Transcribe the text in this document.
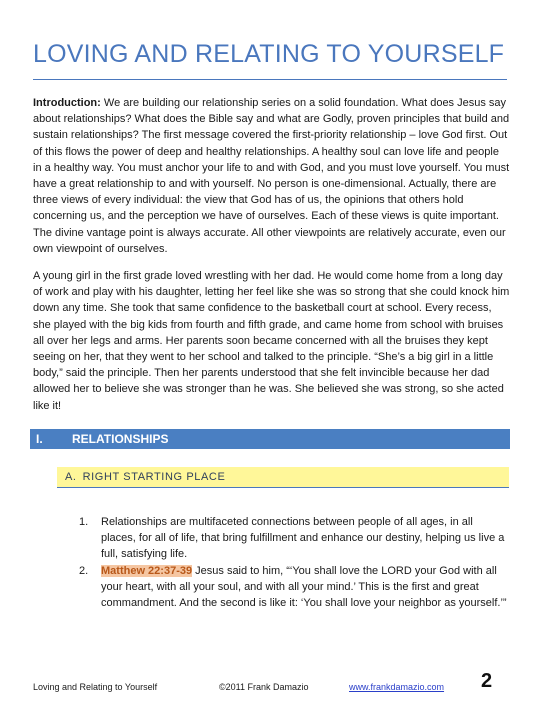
LOVING AND RELATING TO YOURSELF

Introduction: We are building our relationship series on a solid foundation. What does Jesus say about relationships? What does the Bible say and what are Godly, proven principles that build and sustain relationships? The first message covered the first-priority relationship – love God first. Out of this flows the power of deep and healthy relationships. A healthy soul can love life and people in a healthy way. You must anchor your life to and with God, and you must love yourself. You must have a great relationship to and with yourself. No person is one-dimensional. Actually, there are three views of every individual: the view that God has of us, the opinions that others hold concerning us, and the perception we have of ourselves. Each of these views is quite important. The divine vantage point is always accurate. All other viewpoints are relatively accurate, even our own viewpoint of ourselves.

A young girl in the first grade loved wrestling with her dad. He would come home from a long day of work and play with his daughter, letting her feel like she was so strong that she could knock him down any time. She took that same confidence to the basketball court at school. Every recess, she played with the big kids from fourth and fifth grade, and came home from school with bruises all over her legs and arms. Her parents soon became concerned with all the bruises they kept seeing on her, that they went to her school and talked to the principle. “She’s a big girl in a little body,” said the principle. Then her parents understood that she felt invincible because her dad allowed her to believe she was stronger than he was. She believed she was strong, so she acted like it!

I.	RELATIONSHIPS
A. RIGHT STARTING PLACE
1. Relationships are multifaceted connections between people of all ages, in all places, for all of life, that bring fulfillment and enhance our destiny, helping us live a full, satisfying life.
2. Matthew 22:37-39 Jesus said to him, “‘You shall love the LORD your God with all your heart, with all your soul, and with all your mind.’ This is the first and great commandment. And the second is like it: ‘You shall love your neighbor as yourself.’”
Loving and Relating to Yourself	©2011 Frank Damazio	www.frankdamazio.com 2
